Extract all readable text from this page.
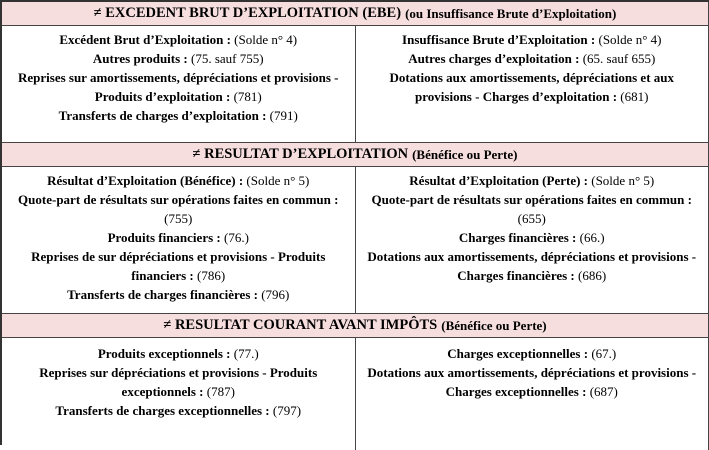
≠ EXCEDENT BRUT D’EXPLOITATION (EBE) (ou Insuffisance Brute d’Exploitation)
Excédent Brut d’Exploitation : (Solde n° 4)
Autres produits : (75. sauf 755)
Reprises sur amortissements, dépréciations et provisions - Produits d’exploitation : (781)
Transferts de charges d’exploitation : (791)
Insuffisance Brute d’Exploitation : (Solde n° 4)
Autres charges d’exploitation : (65. sauf 655)
Dotations aux amortissements, dépréciations et aux provisions - Charges d’exploitation : (681)
≠ RESULTAT D’EXPLOITATION (Bénéfice ou Perte)
Résultat d’Exploitation (Bénéfice) : (Solde n° 5)
Quote-part de résultats sur opérations faites en commun : (755)
Produits financiers : (76.)
Reprises de sur dépréciations et provisions - Produits financiers : (786)
Transferts de charges financières : (796)
Résultat d’Exploitation (Perte) : (Solde n° 5)
Quote-part de résultats sur opérations faites en commun : (655)
Charges financières : (66.)
Dotations aux amortissements, dépréciations et provisions - Charges financières : (686)
≠ RESULTAT COURANT AVANT IMPÔTS (Bénéfice ou Perte)
Produits exceptionnels : (77.)
Reprises sur dépréciations et provisions - Produits exceptionnels : (787)
Transferts de charges exceptionnelles : (797)
Charges exceptionnelles : (67.)
Dotations aux amortissements, dépréciations et provisions - Charges exceptionnelles : (687)
